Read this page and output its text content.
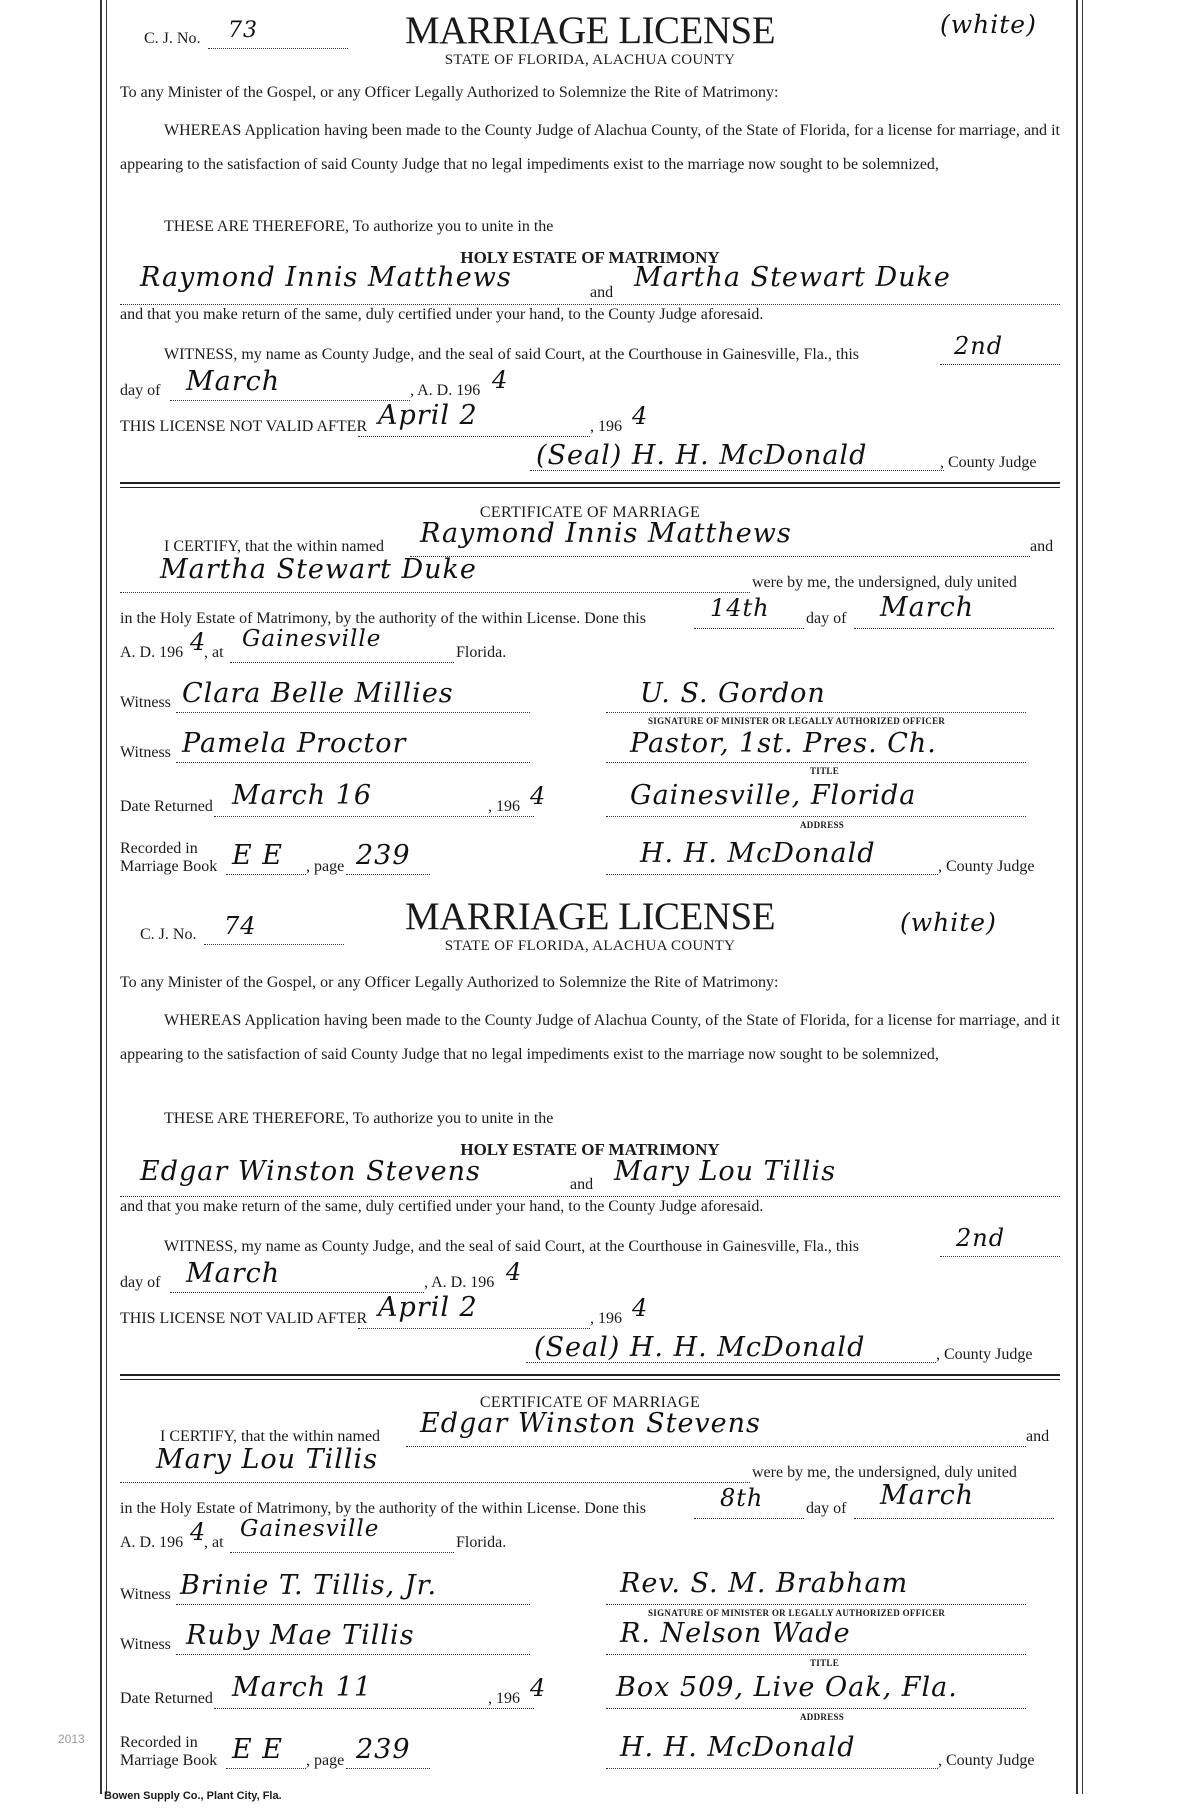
C. J. No. 73	MARRIAGE LICENSE
STATE OF FLORIDA, ALACHUA COUNTY
(white)
To any Minister of the Gospel, or any Officer Legally Authorized to Solemnize the Rite of Matrimony:
WHEREAS Application having been made to the County Judge of Alachua County, of the State of Florida, for a license for marriage, and it appearing to the satisfaction of said County Judge that no legal impediments exist to the marriage now sought to be solemnized,
THESE ARE THEREFORE, To authorize you to unite in the
HOLY ESTATE OF MATRIMONY
Raymond Innis Matthews	and Martha Stewart Duke
and that you make return of the same, duly certified under your hand, to the County Judge aforesaid.
WITNESS, my name as County Judge, and the seal of said Court, at the Courthouse in Gainesville, Fla., this	2nd
day of March	, A. D. 196 4
THIS LICENSE NOT VALID AFTER April 2	, 196 4
(Seal) H. H. McDonald	, County Judge
CERTIFICATE OF MARRIAGE
I CERTIFY, that the within named Raymond Innis Matthews	and
Martha Stewart Duke	were by me, the undersigned, duly united
in the Holy Estate of Matrimony, by the authority of the within License. Done this	14th day of March
A. D. 196 4
, at
Gainesville
Florida.
Witness Clara Belle Millies	U. S. Gordon
SIGNATURE OF MINISTER OR LEGALLY AUTHORIZED OFFICER
Witness Pamela Proctor	Pastor, 1st. Pres. Ch.
TITLE
Date Returned March 16	, 196 4	Gainesville, Florida
ADDRESS
Recorded in
Marriage Book E E , page 239	H. H. McDonald	, County Judge
C. J. No. 74	MARRIAGE LICENSE
STATE OF FLORIDA, ALACHUA COUNTY
(white)
To any Minister of the Gospel, or any Officer Legally Authorized to Solemnize the Rite of Matrimony:
WHEREAS Application having been made to the County Judge of Alachua County, of the State of Florida, for a license for marriage, and it appearing to the satisfaction of said County Judge that no legal impediments exist to the marriage now sought to be solemnized,
THESE ARE THEREFORE, To authorize you to unite in the
HOLY ESTATE OF MATRIMONY
Edgar Winston Stevens	and Mary Lou Tillis
and that you make return of the same, duly certified under your hand, to the County Judge aforesaid.
WITNESS, my name as County Judge, and the seal of said Court, at the Courthouse in Gainesville, Fla., this	2nd
day of March	, A. D. 196 4
THIS LICENSE NOT VALID AFTER April 2	, 196 4
(Seal) H. H. McDonald	, County Judge
CERTIFICATE OF MARRIAGE
I CERTIFY, that the within named Edgar Winston Stevens	and
Mary Lou Tillis	were by me, the undersigned, duly united
in the Holy Estate of Matrimony, by the authority of the within License. Done this	8th	day of March
A. D. 196 4
, at
Gainesville
Florida.
Witness Brinie T. Tillis, Jr.	Rev. S. M. Brabham
SIGNATURE OF MINISTER OR LEGALLY AUTHORIZED OFFICER
Witness Ruby Mae Tillis	R. Nelson Wade
TITLE
Date Returned March 11	, 196 4	Box 509, Live Oak, Fla.
ADDRESS
Recorded in
Marriage Book E E , page 239	H. H. McDonald	, County Judge
2013
Bowen Supply Co., Plant City, Fla.
